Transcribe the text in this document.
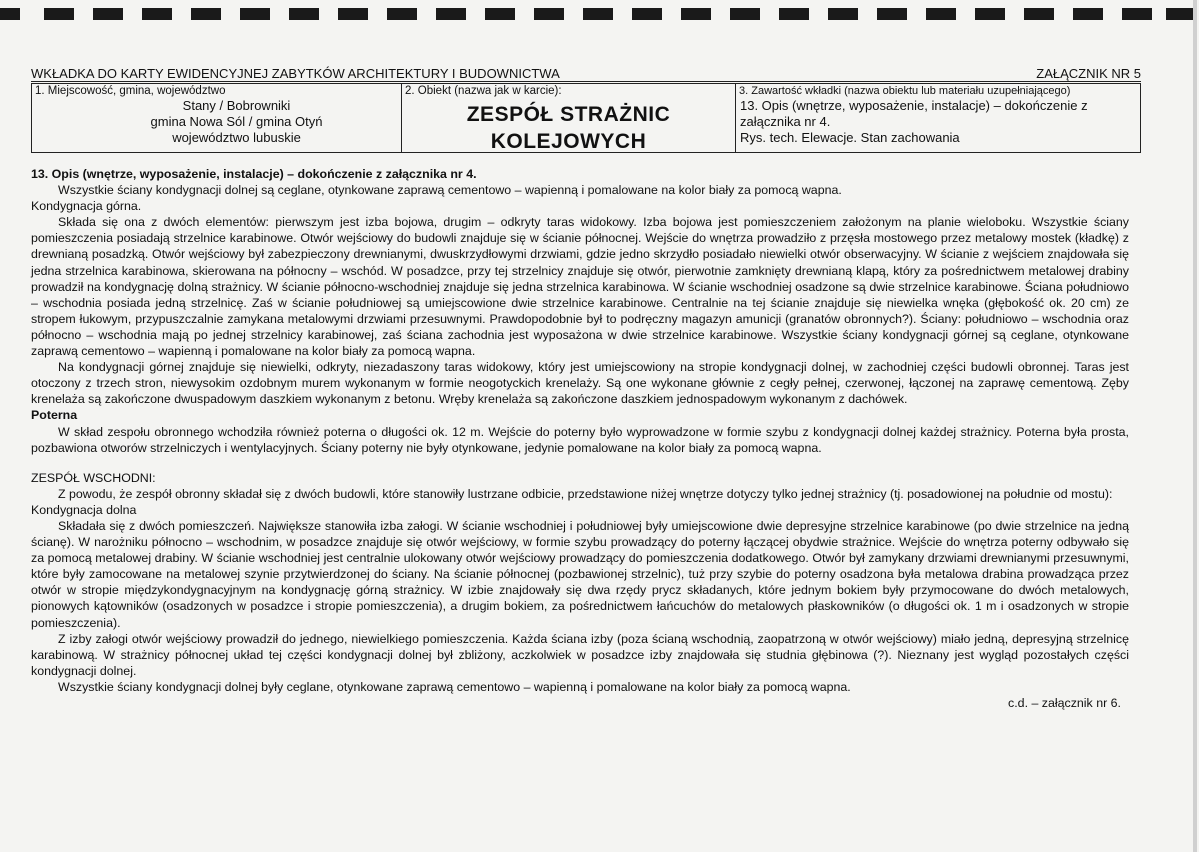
WKŁADKA DO KARTY EWIDENCYJNEJ ZABYTKÓW ARCHITEKTURY I BUDOWNICTWA	ZAŁĄCZNIK NR 5
1. Miejscowość, gmina, województwo
Stany / Bobrowniki
gmina Nowa Sól / gmina Otyń
województwo lubuskie
2. Obiekt (nazwa jak w karcie):
ZESPÓŁ STRAŻNIC
KOLEJOWYCH
3. Zawartość wkładki (nazwa obiektu lub materiału uzupełniającego)
13. Opis (wnętrze, wyposażenie, instalacje) – dokończenie z
załącznika nr 4.
Rys. tech. Elewacje. Stan zachowania

13. Opis (wnętrze, wyposażenie, instalacje) – dokończenie z załącznika nr 4.

Wszystkie ściany kondygnacji dolnej są ceglane, otynkowane zaprawą cementowo – wapienną i pomalowane na kolor biały za pomocą wapna.

Kondygnacja górna.

Składa się ona z dwóch elementów: pierwszym jest izba bojowa, drugim – odkryty taras widokowy. Izba bojowa jest pomieszczeniem założonym na planie wieloboku. Wszystkie ściany pomieszczenia posiadają strzelnice karabinowe. Otwór wejściowy do budowli znajduje się w ścianie północnej. Wejście do wnętrza prowadziło z przęsła mostowego przez metalowy mostek (kładkę) z drewnianą posadzką. Otwór wejściowy był zabezpieczony drewnianymi, dwuskrzydłowymi drzwiami, gdzie jedno skrzydło posiadało niewielki otwór obserwacyjny. W ścianie z wejściem znajdowała się jedna strzelnica karabinowa, skierowana na północny – wschód. W posadzce, przy tej strzelnicy znajduje się otwór, pierwotnie zamknięty drewnianą klapą, który za pośrednictwem metalowej drabiny prowadził na kondygnację dolną strażnicy. W ścianie północno-wschodniej znajduje się jedna strzelnica karabinowa. W ścianie wschodniej osadzone są dwie strzelnice karabinowe. Ściana południowo – wschodnia posiada jedną strzelnicę. Zaś w ścianie południowej są umiejscowione dwie strzelnice karabinowe. Centralnie na tej ścianie znajduje się niewielka wnęka (głębokość ok. 20 cm) ze stropem łukowym, przypuszczalnie zamykana metalowymi drzwiami przesuwnymi. Prawdopodobnie był to podręczny magazyn amunicji (granatów obronnych?). Ściany: południowo – wschodnia oraz północno – wschodnia mają po jednej strzelnicy karabinowej, zaś ściana zachodnia jest wyposażona w dwie strzelnice karabinowe. Wszystkie ściany kondygnacji górnej są ceglane, otynkowane zaprawą cementowo – wapienną i pomalowane na kolor biały za pomocą wapna.

Na kondygnacji górnej znajduje się niewielki, odkryty, niezadaszony taras widokowy, który jest umiejscowiony na stropie kondygnacji dolnej, w zachodniej części budowli obronnej. Taras jest otoczony z trzech stron, niewysokim ozdobnym murem wykonanym w formie neogotyckich krenelaży. Są one wykonane głównie z cegły pełnej, czerwonej, łączonej na zaprawę cementową. Zęby krenelaża są zakończone dwuspadowym daszkiem wykonanym z betonu. Wręby krenelaża są zakończone daszkiem jednospadowym wykonanym z dachówek.

Poterna

W skład zespołu obronnego wchodziła również poterna o długości ok. 12 m. Wejście do poterny było wyprowadzone w formie szybu z kondygnacji dolnej każdej strażnicy. Poterna była prosta, pozbawiona otworów strzelniczych i wentylacyjnych. Ściany poterny nie były otynkowane, jedynie pomalowane na kolor biały za pomocą wapna.

ZESPÓŁ WSCHODNI:

Z powodu, że zespół obronny składał się z dwóch budowli, które stanowiły lustrzane odbicie, przedstawione niżej wnętrze dotyczy tylko jednej strażnicy (tj. posadowionej na południe od mostu):

Kondygnacja dolna

Składała się z dwóch pomieszczeń. Największe stanowiła izba załogi. W ścianie wschodniej i południowej były umiejscowione dwie depresyjne strzelnice karabinowe (po dwie strzelnice na jedną ścianę). W narożniku północno – wschodnim, w posadzce znajduje się otwór wejściowy, w formie szybu prowadzący do poterny łączącej obydwie strażnice. Wejście do wnętrza poterny odbywało się za pomocą metalowej drabiny. W ścianie wschodniej jest centralnie ulokowany otwór wejściowy prowadzący do pomieszczenia dodatkowego. Otwór był zamykany drzwiami drewnianymi przesuwnymi, które były zamocowane na metalowej szynie przytwierdzonej do ściany. Na ścianie północnej (pozbawionej strzelnic), tuż przy szybie do poterny osadzona była metalowa drabina prowadząca przez otwór w stropie międzykondygnacyjnym na kondygnację górną strażnicy. W izbie znajdowały się dwa rzędy prycz składanych, które jednym bokiem były przymocowane do dwóch metalowych, pionowych kątowników (osadzonych w posadzce i stropie pomieszczenia), a drugim bokiem, za pośrednictwem łańcuchów do metalowych płaskowników (o długości ok. 1 m i osadzonych w stropie pomieszczenia).

Z izby załogi otwór wejściowy prowadził do jednego, niewielkiego pomieszczenia. Każda ściana izby (poza ścianą wschodnią, zaopatrzoną w otwór wejściowy) miało jedną, depresyjną strzelnicę karabinową. W strażnicy północnej układ tej części kondygnacji dolnej był zbliżony, aczkolwiek w posadzce izby znajdowała się studnia głębinowa (?). Nieznany jest wygląd pozostałych części kondygnacji dolnej.

Wszystkie ściany kondygnacji dolnej były ceglane, otynkowane zaprawą cementowo – wapienną i pomalowane na kolor biały za pomocą wapna.

c.d. – załącznik nr 6.
